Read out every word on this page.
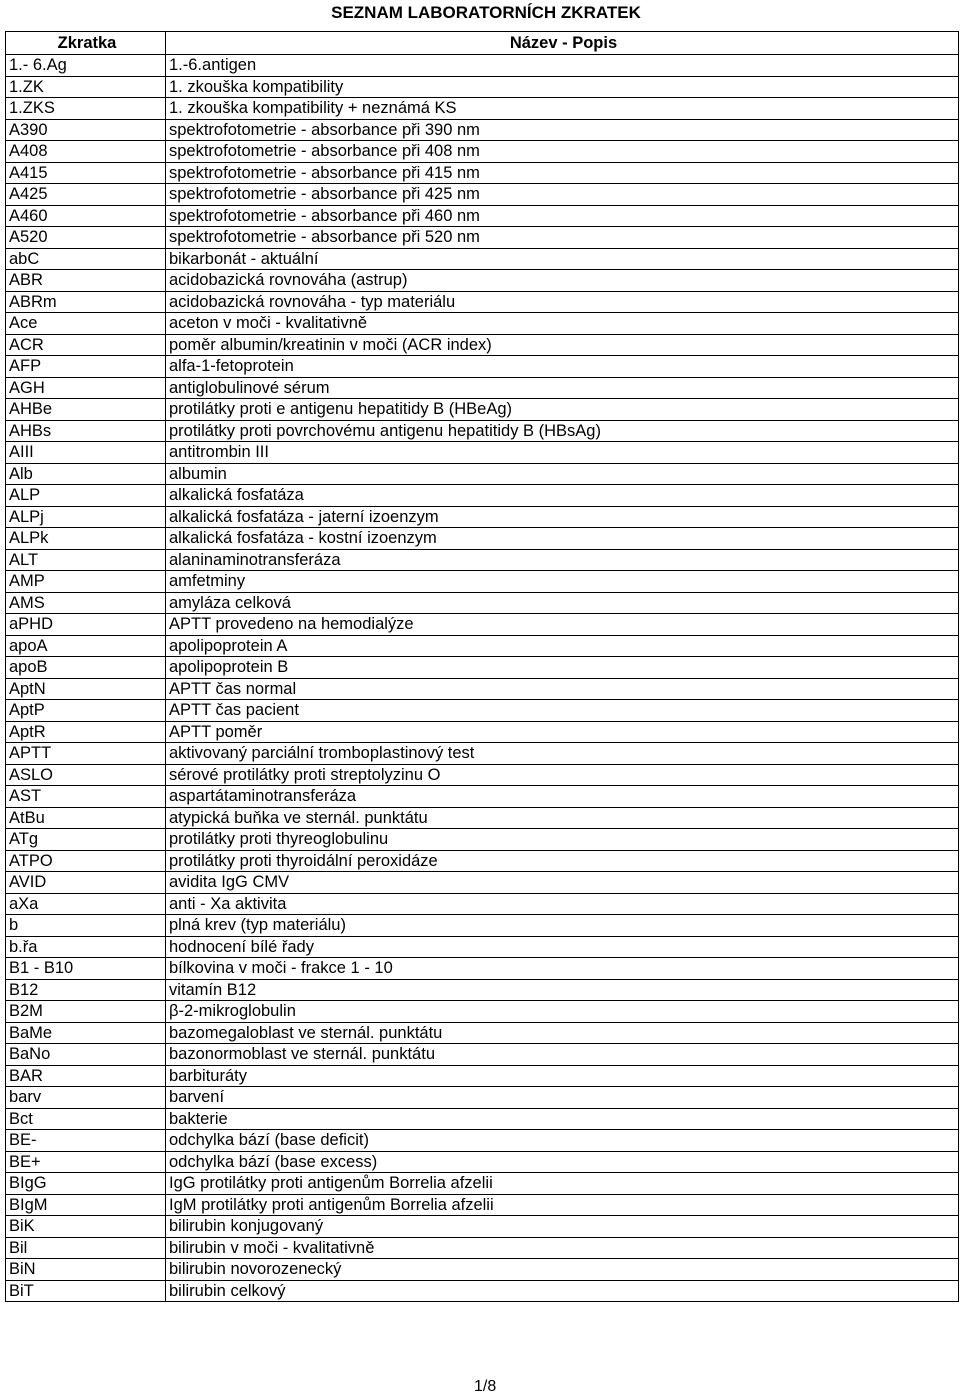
SEZNAM LABORATORNÍCH ZKRATEK
Zkratka	Název - Popis
1.- 6.Ag	1.-6.antigen
1.ZK	1. zkouška kompatibility
1.ZKS	1. zkouška kompatibility + neznámá KS
A390	spektrofotometrie - absorbance při 390 nm
A408	spektrofotometrie - absorbance při 408 nm
A415	spektrofotometrie - absorbance při 415 nm
A425	spektrofotometrie - absorbance při 425 nm
A460	spektrofotometrie - absorbance při 460 nm
A520	spektrofotometrie - absorbance při 520 nm
abC	bikarbonát - aktuální
ABR	acidobazická rovnováha (astrup)
ABRm	acidobazická rovnováha - typ materiálu
Ace	aceton v moči - kvalitativně
ACR	poměr albumin/kreatinin v moči (ACR index)
AFP	alfa-1-fetoprotein
AGH	antiglobulinové sérum
AHBe	protilátky proti e antigenu hepatitidy B (HBeAg)
AHBs	protilátky proti povrchovému antigenu hepatitidy B (HBsAg)
AIII	antitrombin III
Alb	albumin
ALP	alkalická fosfatáza
ALPj	alkalická fosfatáza - jaterní izoenzym
ALPk	alkalická fosfatáza - kostní izoenzym
ALT	alaninaminotransferáza
AMP	amfetminy
AMS	amyláza celková
aPHD	APTT provedeno na hemodialýze
apoA	apolipoprotein A
apoB	apolipoprotein B
AptN	APTT čas normal
AptP	APTT čas pacient
AptR	APTT poměr
APTT	aktivovaný parciální tromboplastinový test
ASLO	sérové protilátky proti streptolyzinu O
AST	aspartátaminotransferáza
AtBu	atypická buňka ve sternál. punktátu
ATg	protilátky proti thyreoglobulinu
ATPO	protilátky proti thyroidální peroxidáze
AVID	avidita IgG CMV
aXa	anti - Xa aktivita
b	plná krev (typ materiálu)
b.řa	hodnocení bílé řady
B1 - B10	bílkovina v moči - frakce 1 - 10
B12	vitamín B12
B2M	β-2-mikroglobulin
BaMe	bazomegaloblast ve sternál. punktátu
BaNo	bazonormoblast ve sternál. punktátu
BAR	barbituráty
barv	barvení
Bct	bakterie
BE-	odchylka bází (base deficit)
BE+	odchylka bází (base excess)
BIgG	IgG protilátky proti antigenům Borrelia afzelii
BIgM	IgM protilátky proti antigenům Borrelia afzelii
BiK	bilirubin konjugovaný
Bil	bilirubin v moči - kvalitativně
BiN	bilirubin novorozenecký
BiT	bilirubin celkový
1/8
